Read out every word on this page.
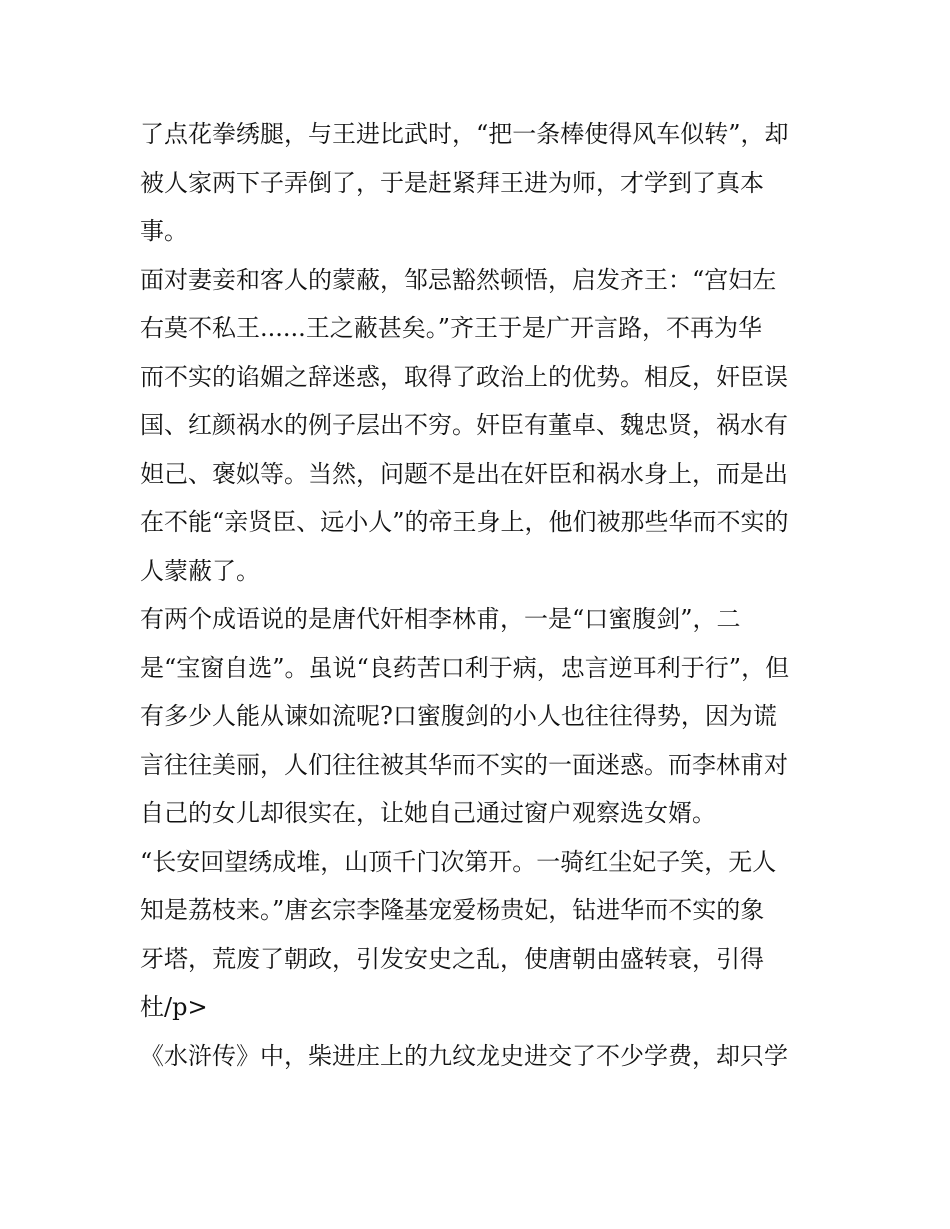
了点花拳绣腿，与王进比武时，“把一条棒使得风车似转”，却
被人家两下子弄倒了，于是赶紧拜王进为师，才学到了真本
事。
面对妻妾和客人的蒙蔽，邹忌豁然顿悟，启发齐王：“宫妇左
右莫不私王......王之蔽甚矣。”齐王于是广开言路，不再为华
而不实的谄媚之辞迷惑，取得了政治上的优势。相反，奸臣误
国、红颜祸水的例子层出不穷。奸臣有董卓、魏忠贤，祸水有
妲己、褒姒等。当然，问题不是出在奸臣和祸水身上，而是出
在不能“亲贤臣、远小人”的帝王身上，他们被那些华而不实的
人蒙蔽了。
有两个成语说的是唐代奸相李林甫，一是“口蜜腹剑”，二
是“宝窗自选”。虽说“良药苦口利于病，忠言逆耳利于行”，但
有多少人能从谏如流呢?口蜜腹剑的小人也往往得势，因为谎
言往往美丽，人们往往被其华而不实的一面迷惑。而李林甫对
自己的女儿却很实在，让她自己通过窗户观察选女婿。
“长安回望绣成堆，山顶千门次第开。一骑红尘妃子笑，无人
知是荔枝来。”唐玄宗李隆基宠爱杨贵妃，钻进华而不实的象
牙塔，荒废了朝政，引发安史之乱，使唐朝由盛转衰，引得
杜/p>
《水浒传》中，柴进庄上的九纹龙史进交了不少学费，却只学
